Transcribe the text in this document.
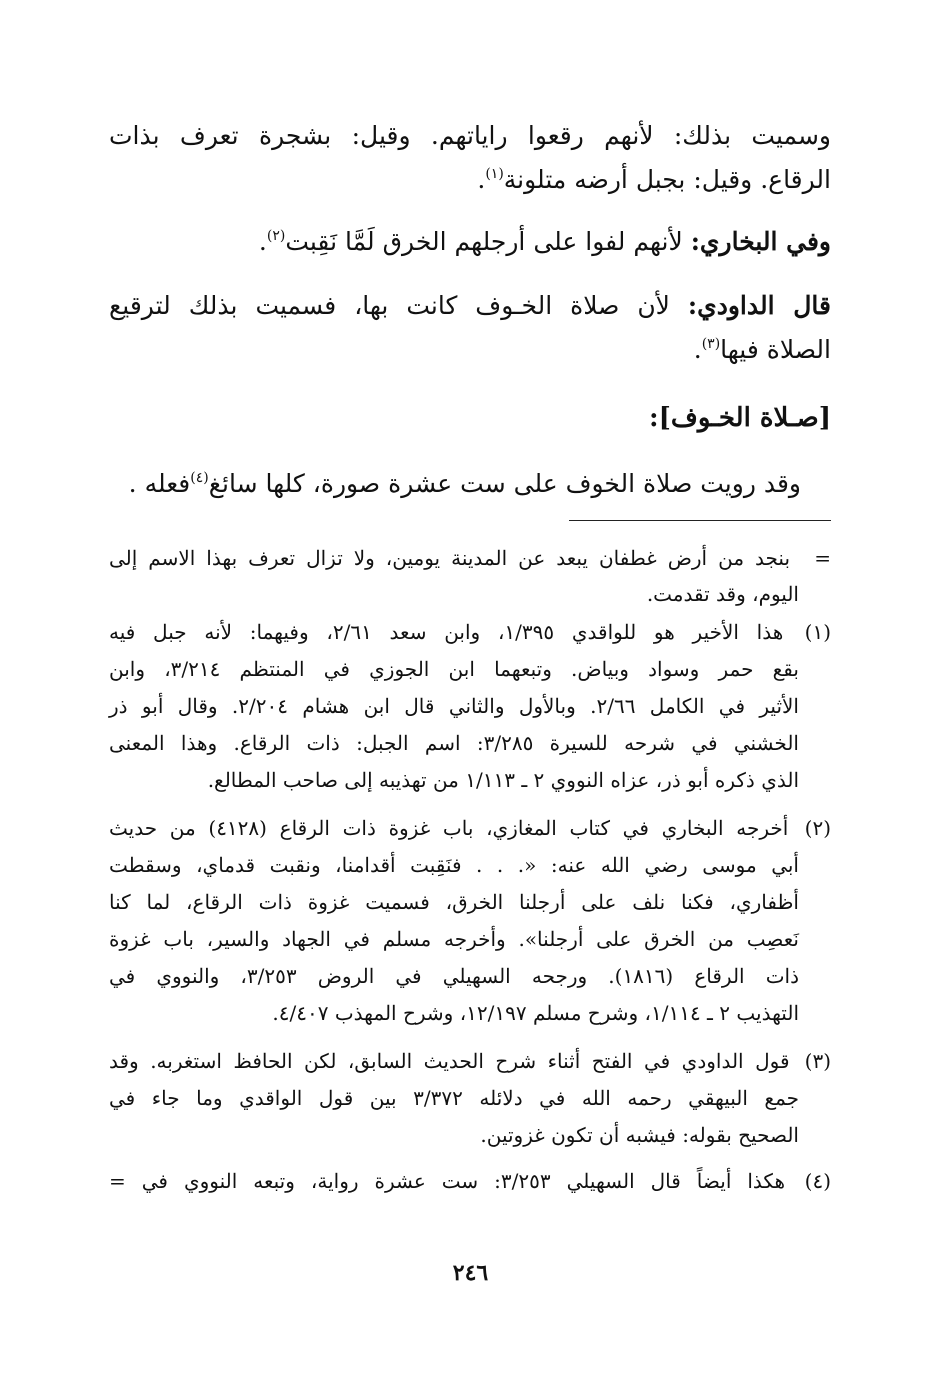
وسميت بذلك: لأنهم رقعوا راياتهم. وقيل: بشجرة تعرف بذات
الرقاع. وقيل: بجبل أرضه متلونة$^{(١)}$.
وفي البخاري: لأنهم لفوا على أرجلهم الخرق لَمَّا نَقِبت$^{(٢)}$.
قال الداودي: لأن صلاة الخـوف كانت بها، فسميت بذلك لترقيع
الصلاة فيها$^{(٣)}$.
[صـلاة الخـوف]:
وقد رويت صلاة الخوف على ست عشرة صورة، كلها سائغ$^{(٤)}$فعله .
= بنجد من أرض غطفان يبعد عن المدينة يومين، ولا تزال تعرف بهذا الاسم إلى
اليوم، وقد تقدمت.
(١) هذا الأخير هو للواقدي ١/٣٩٥، وابن سعد ٢/٦١، وفيهما: لأنه جبل فيه
بقع حمر وسواد وبياض. وتبعهما ابن الجوزي في المنتظم ٣/٢١٤، وابن
الأثير في الكامل ٢/٦٦. وبالأول والثاني قال ابن هشام ٢/٢٠٤. وقال أبو ذر
الخشني في شرحه للسيرة ٣/٢٨٥: اسم الجبل: ذات الرقاع. وهذا المعنى
الذي ذكره أبو ذر، عزاه النووي ٢ ـ ١/١١٣ من تهذيبه إلى صاحب المطالع.
(٢) أخرجه البخاري في كتاب المغازي، باب غزوة ذات الرقاع (٤١٢٨) من حديث
أبي موسى رضي الله عنه: «. . . فنَقِبت أقدامنا، ونقبت قدماي، وسقطت
أظفاري، فكنا نلف على أرجلنا الخرق، فسميت غزوة ذات الرقاع، لما كنا
نَعصِب من الخرق على أرجلنا». وأخرجه مسلم في الجهاد والسير، باب غزوة
ذات الرقاع (١٨١٦). ورجحه السهيلي في الروض ٣/٢٥٣، والنووي في
التهذيب ٢ ـ ١/١١٤، وشرح مسلم ١٢/١٩٧، وشرح المهذب ٤/٤٠٧.
(٣) قول الداودي في الفتح أثناء شرح الحديث السابق، لكن الحافظ استغربه. وقد
جمع البيهقي رحمه الله في دلائله ٣/٣٧٢ بين قول الواقدي وما جاء في
الصحيح بقوله: فيشبه أن تكون غزوتين.
(٤) هكذا أيضاً قال السهيلي ٣/٢٥٣: ست عشرة رواية، وتبعه النووي في =
٢٤٦
